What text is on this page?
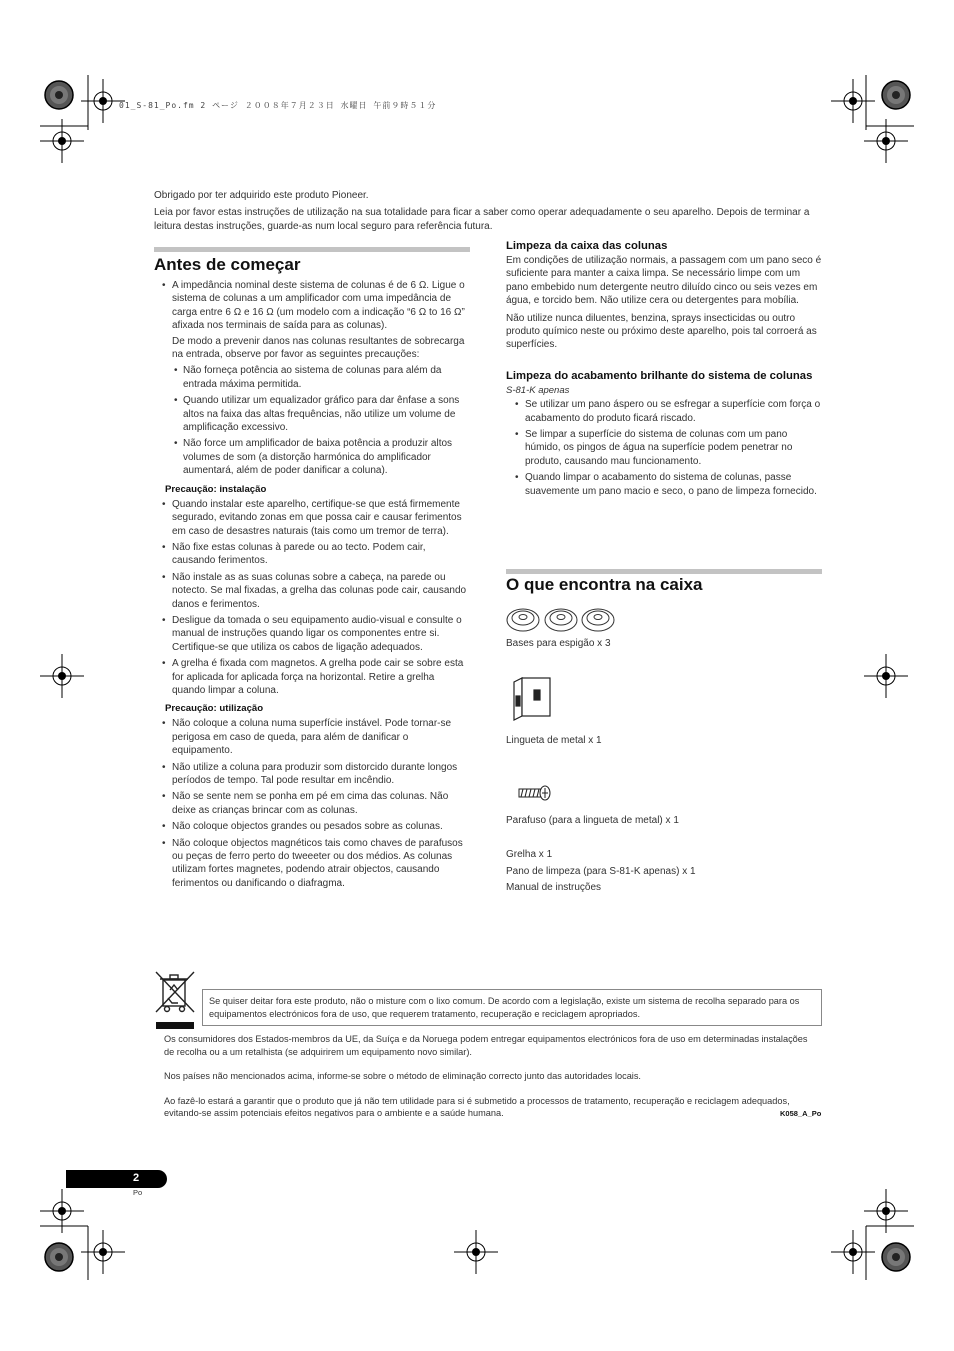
01_S-81_Po.fm 2 ページ ２００８年７月２３日 水曜日 午前９時５１分

Obrigado por ter adquirido este produto Pioneer.

Leia por favor estas instruções de utilização na sua totalidade para ficar a saber como operar adequadamente o seu aparelho. Depois de terminar a leitura destas instruções, guarde-as num local seguro para referência futura.

Antes de começar
• A impedância nominal deste sistema de colunas é de 6 Ω. Ligue o sistema de colunas a um amplificador com uma impedância de carga entre 6 Ω e 16 Ω (um modelo com a indicação “6 Ω to 16 Ω” afixada nos terminais de saída para as colunas).
De modo a prevenir danos nas colunas resultantes de sobrecarga na entrada, observe por favor as seguintes precauções:
• Não forneça potência ao sistema de colunas para além da entrada máxima permitida.
• Quando utilizar um equalizador gráfico para dar ênfase a sons altos na faixa das altas frequências, não utilize um volume de amplificação excessivo.
• Não force um amplificador de baixa potência a produzir altos volumes de som (a distorção harmónica do amplificador aumentará, além de poder danificar a coluna).
Precaução: instalação
• Quando instalar este aparelho, certifique-se que está firmemente segurado, evitando zonas em que possa cair e causar ferimentos em caso de desastres naturais (tais como um tremor de terra).
• Não fixe estas colunas à parede ou ao tecto. Podem cair, causando ferimentos.
• Não instale as as suas colunas sobre a cabeça, na parede ou notecto. Se mal fixadas, a grelha das colunas pode cair, causando danos e ferimentos.
• Desligue da tomada o seu equipamento audio-visual e consulte o manual de instruções quando ligar os componentes entre si. Certifique-se que utiliza os cabos de ligação adequados.
• A grelha é fixada com magnetos. A grelha pode cair se sobre esta for aplicada for aplicada força na horizontal. Retire a grelha quando limpar a coluna.
Precaução: utilização
• Não coloque a coluna numa superfície instável. Pode tornar-se perigosa em caso de queda, para além de danificar o equipamento.
• Não utilize a coluna para produzir som distorcido durante longos períodos de tempo. Tal pode resultar em incêndio.
• Não se sente nem se ponha em pé em cima das colunas. Não deixe as crianças brincar com as colunas.
• Não coloque objectos grandes ou pesados sobre as colunas.
• Não coloque objectos magnéticos tais como chaves de parafusos ou peças de ferro perto do tweeeter ou dos médios. As colunas utilizam fortes magnetes, podendo atrair objectos, causando ferimentos ou danificando o diafragma.
Limpeza da caixa das colunas

Em condições de utilização normais, a passagem com um pano seco é suficiente para manter a caixa limpa. Se necessário limpe com um pano embebido num detergente neutro diluído cinco ou seis vezes em água, e torcido bem. Não utilize cera ou detergentes para mobília.

Não utilize nunca diluentes, benzina, sprays insecticidas ou outro produto químico neste ou próximo deste aparelho, pois tal corroerá as superfícies.

Limpeza do acabamento brilhante do sistema de colunas
S-81-K apenas
• Se utilizar um pano áspero ou se esfregar a superfície com força o acabamento do produto ficará riscado.
• Se limpar a superfície do sistema de colunas com um pano húmido, os pingos de água na superfície podem penetrar no produto, causando mau funcionamento.
• Quando limpar o acabamento do sistema de colunas, passe suavemente um pano macio e seco, o pano de limpeza fornecido.
O que encontra na caixa
Bases para espigão x 3
Lingueta de metal x 1
Parafuso (para a lingueta de metal) x 1
Grelha x 1
Pano de limpeza (para S-81-K apenas) x 1
Manual de instruções
Se quiser deitar fora este produto, não o misture com o lixo comum. De acordo com a legislação, existe um sistema de recolha separado para os equipamentos electrónicos fora de uso, que requerem tratamento, recuperação e reciclagem apropriados.

Os consumidores dos Estados-membros da UE, da Suíça e da Noruega podem entregar equipamentos electrónicos fora de uso em determinadas instalações de recolha ou a um retalhista (se adquirirem um equipamento novo similar).

Nos países não mencionados acima, informe-se sobre o método de eliminação correcto junto das autoridades locais.

Ao fazê-lo estará a garantir que o produto que já não tem utilidade para si é submetido a processos de tratamento, recuperação e reciclagem adequados, evitando-se assim potenciais efeitos negativos para o ambiente e a saúde humana.	K058_A_Po
2
Po
